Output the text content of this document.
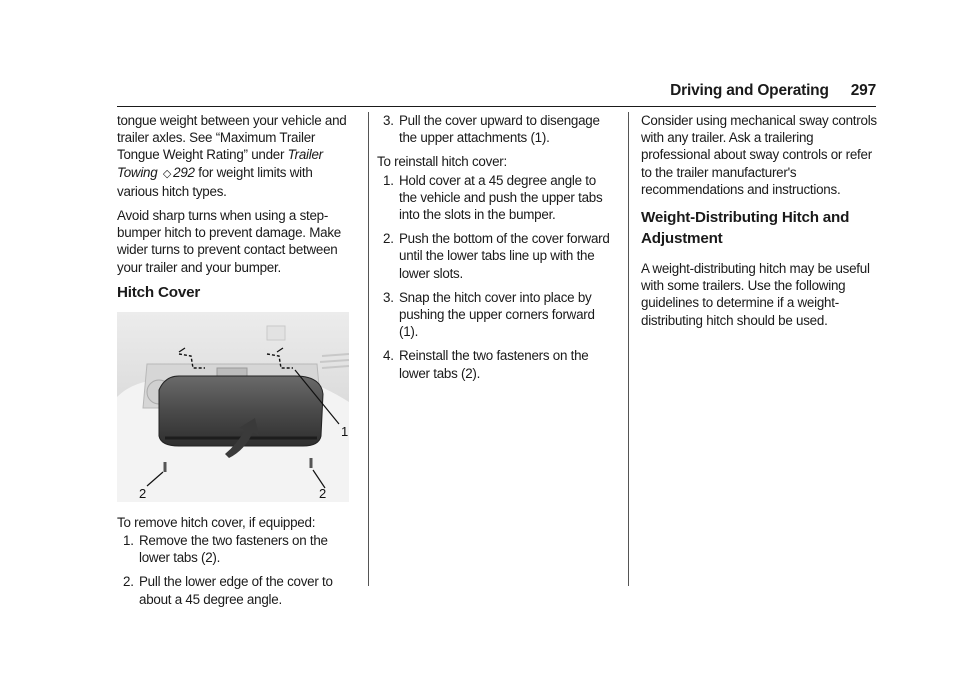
Driving and Operating 297

tongue weight between your vehicle and trailer axles. See “Maximum Trailer Tongue Weight Rating” under Trailer Towing ◇ 292 for weight limits with various hitch types.

Avoid sharp turns when using a step-bumper hitch to prevent damage. Make wider turns to prevent contact between your trailer and your bumper.

Hitch Cover
1
2	2

To remove hitch cover, if equipped:

1. Remove the two fasteners on the lower tabs (2).
2. Pull the lower edge of the cover to about a 45 degree angle.
3. Pull the cover upward to disengage the upper attachments (1).

To reinstall hitch cover:

1. Hold cover at a 45 degree angle to the vehicle and push the upper tabs into the slots in the bumper.
2. Push the bottom of the cover forward until the lower tabs line up with the lower slots.
3. Snap the hitch cover into place by pushing the upper corners forward (1).
4. Reinstall the two fasteners on the lower tabs (2).

Consider using mechanical sway controls with any trailer. Ask a trailering professional about sway controls or refer to the trailer manufacturer's recommendations and instructions.

Weight-Distributing Hitch and Adjustment

A weight-distributing hitch may be useful with some trailers. Use the following guidelines to determine if a weight-distributing hitch should be used.
